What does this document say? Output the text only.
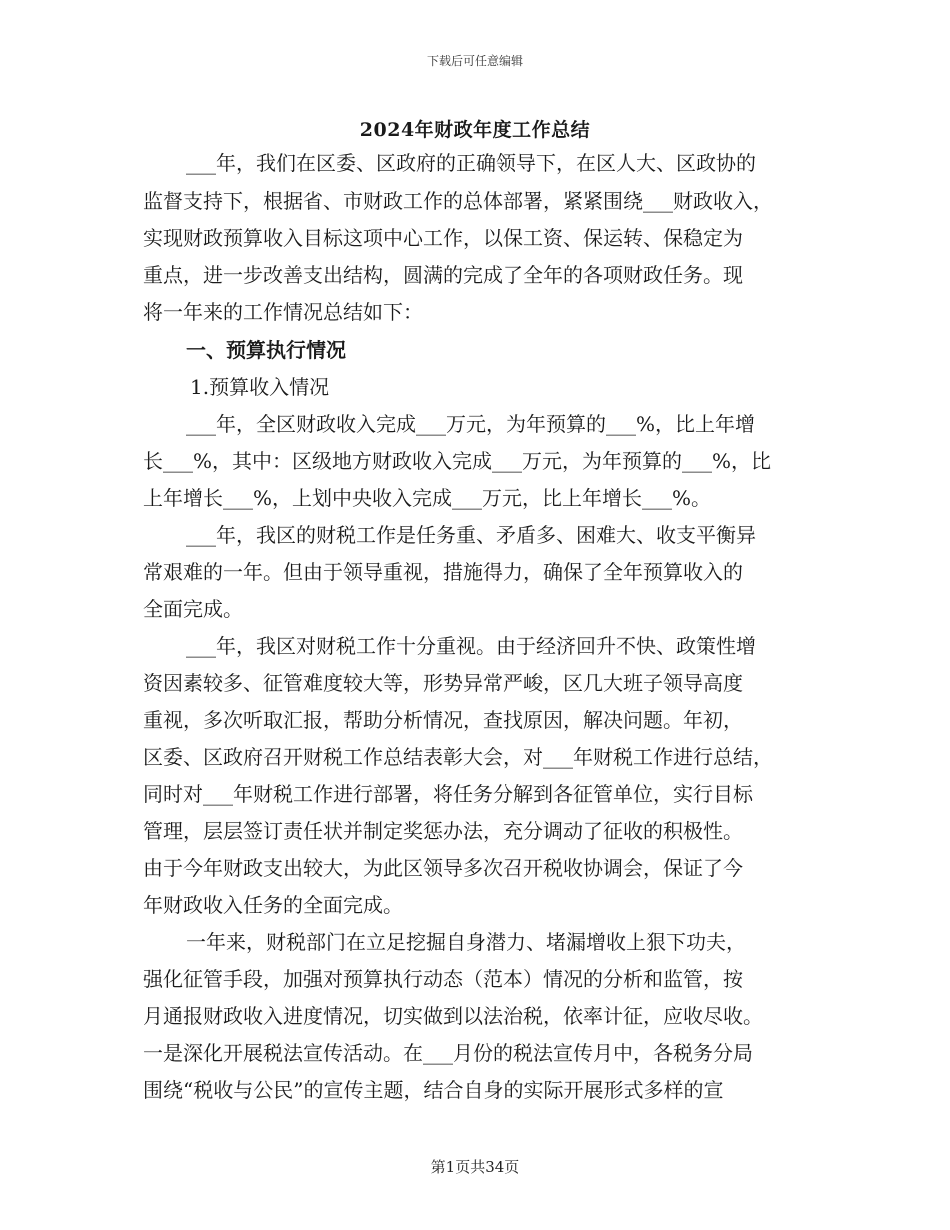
下载后可任意编辑
2024年财政年度工作总结
___年，我们在区委、区政府的正确领导下，在区人大、区政协的
监督支持下，根据省、市财政工作的总体部署，紧紧围绕___财政收入，
实现财政预算收入目标这项中心工作，以保工资、保运转、保稳定为
重点，进一步改善支出结构，圆满的完成了全年的各项财政任务。现
将一年来的工作情况总结如下：
一、预算执行情况
1.预算收入情况
___年，全区财政收入完成___万元，为年预算的___%，比上年增
长___%，其中：区级地方财政收入完成___万元，为年预算的___%，比
上年增长___%，上划中央收入完成___万元，比上年增长___%。
___年，我区的财税工作是任务重、矛盾多、困难大、收支平衡异
常艰难的一年。但由于领导重视，措施得力，确保了全年预算收入的
全面完成。
___年，我区对财税工作十分重视。由于经济回升不快、政策性增
资因素较多、征管难度较大等，形势异常严峻，区几大班子领导高度
重视，多次听取汇报，帮助分析情况，查找原因，解决问题。年初，
区委、区政府召开财税工作总结表彰大会，对___年财税工作进行总结，
同时对___年财税工作进行部署，将任务分解到各征管单位，实行目标
管理，层层签订责任状并制定奖惩办法，充分调动了征收的积极性。
由于今年财政支出较大，为此区领导多次召开税收协调会，保证了今
年财政收入任务的全面完成。
一年来，财税部门在立足挖掘自身潜力、堵漏增收上狠下功夫，
强化征管手段，加强对预算执行动态（范本）情况的分析和监管，按
月通报财政收入进度情况，切实做到以法治税，依率计征，应收尽收。
一是深化开展税法宣传活动。在___月份的税法宣传月中，各税务分局
围绕“税收与公民”的宣传主题，结合自身的实际开展形式多样的宣
第1页共34页
